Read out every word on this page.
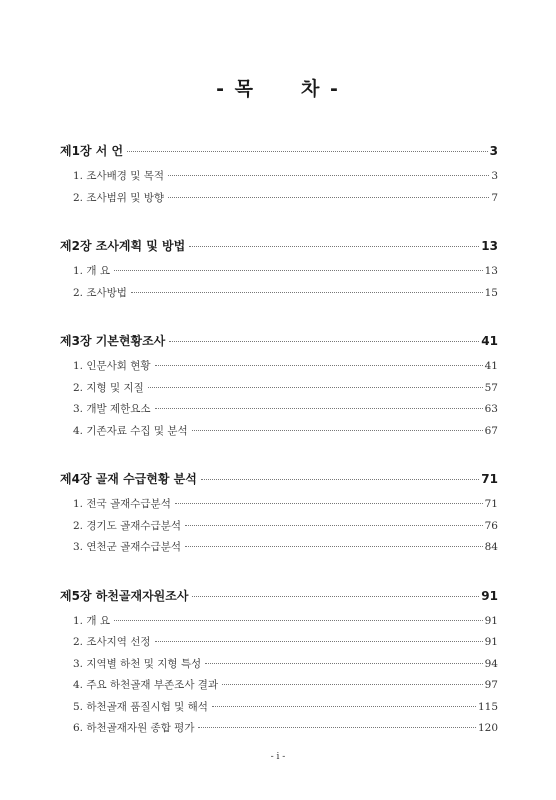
- 목 차 -
제1장 서 언	3
1. 조사배경 및 목적	3
2. 조사범위 및 방향	7
제2장 조사계획 및 방법	13
1. 개 요	13
2. 조사방법	15
제3장 기본현황조사	41
1. 인문사회 현황	41
2. 지형 및 지질	57
3. 개발 제한요소	63
4. 기존자료 수집 및 분석	67
제4장 골재 수급현황 분석	71
1. 전국 골재수급분석	71
2. 경기도 골재수급분석	76
3. 연천군 골재수급분석	84
제5장 하천골재자원조사	91
1. 개 요	91
2. 조사지역 선정	91
3. 지역별 하천 및 지형 특성	94
4. 주요 하천골재 부존조사 결과	97
5. 하천골재 품질시험 및 해석	115
6. 하천골재자원 종합 평가	120
- i -
